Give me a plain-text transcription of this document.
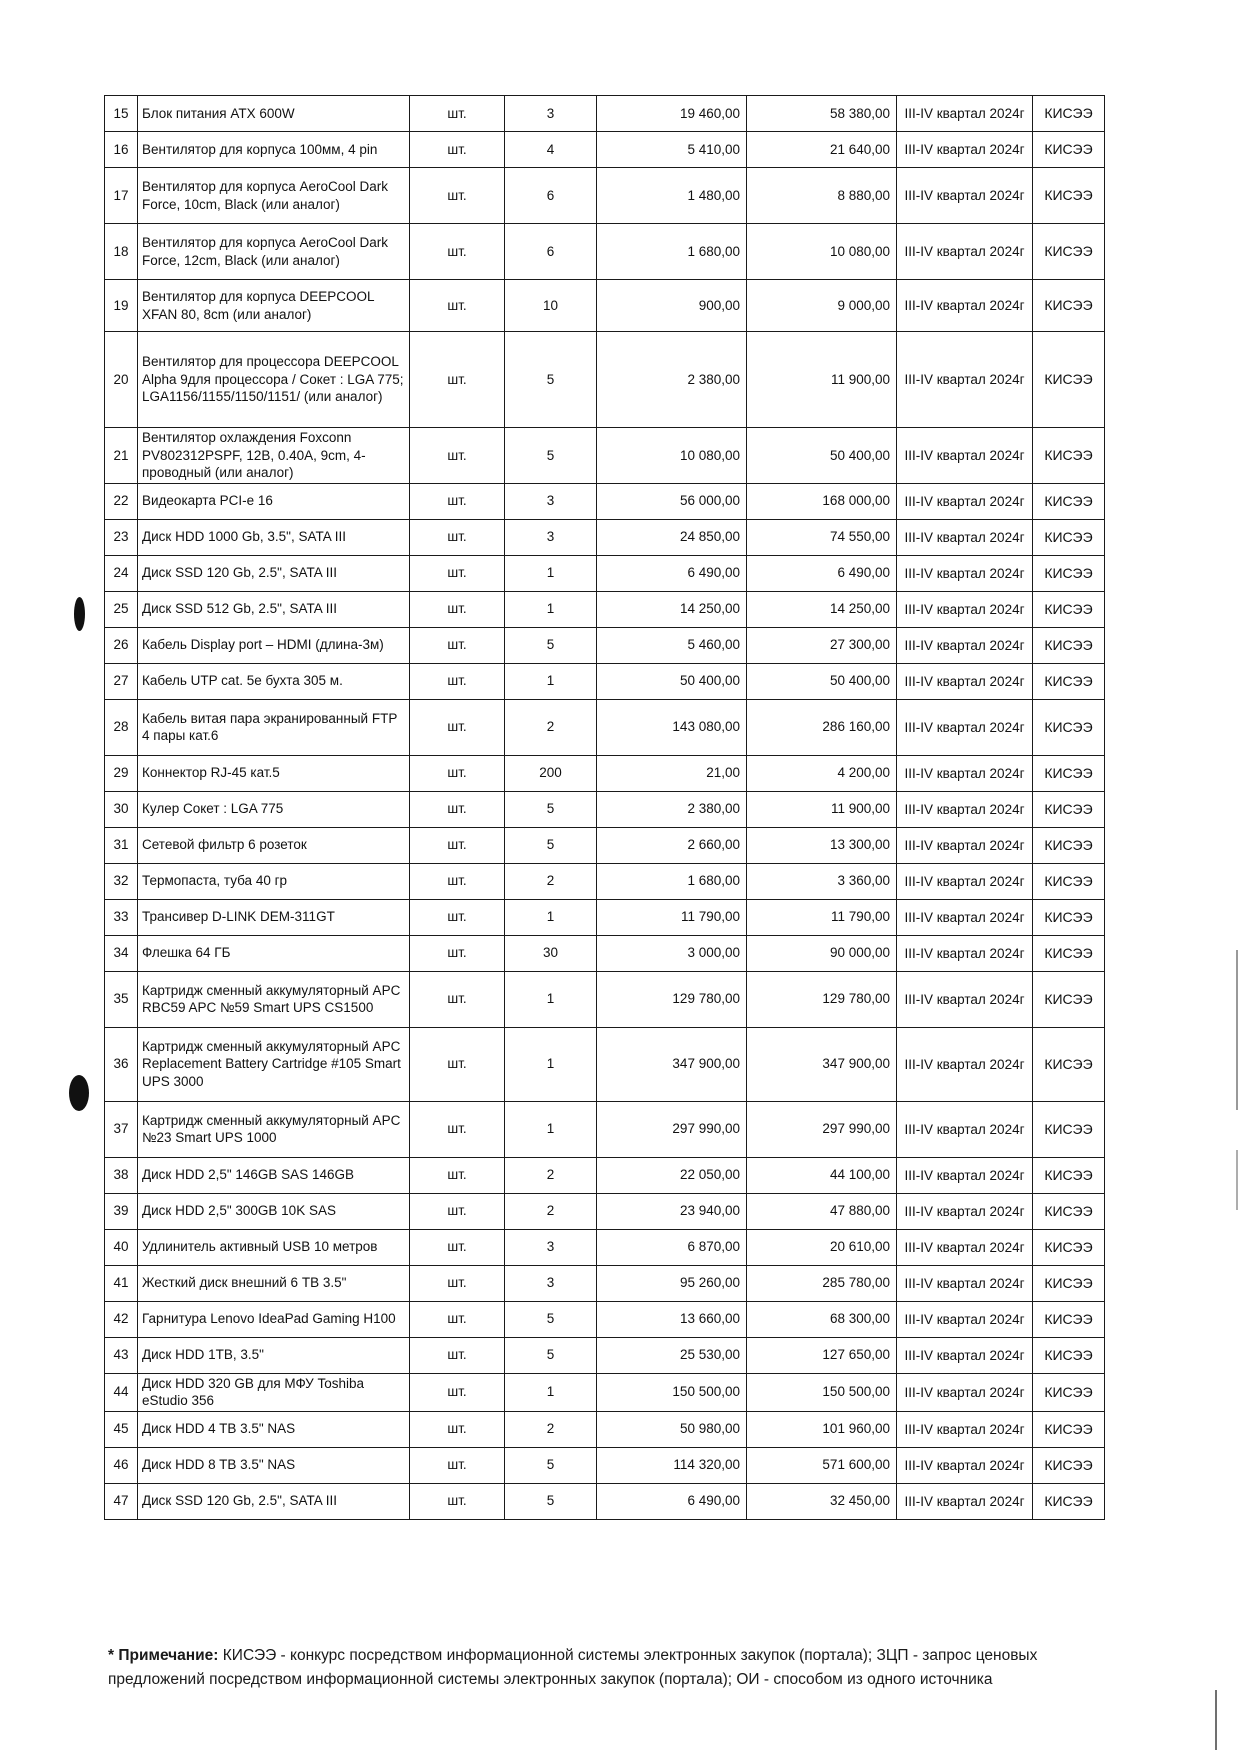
15	Блок питания ATX 600W	шт.	3	19 460,00	58 380,00	III-IV квартал 2024г	КИСЭЭ
16	Вентилятор для корпуса 100мм, 4 pin	шт.	4	5 410,00	21 640,00	III-IV квартал 2024г	КИСЭЭ
17	Вентилятор для корпуса AeroCool Dark Force, 10cm, Black (или аналог)	шт.	6	1 480,00	8 880,00	III-IV квартал 2024г	КИСЭЭ
18	Вентилятор для корпуса AeroCool Dark Force, 12cm, Black (или аналог)	шт.	6	1 680,00	10 080,00	III-IV квартал 2024г	КИСЭЭ
19	Вентилятор для корпуса DEEPCOOL XFAN 80, 8cm (или аналог)	шт.	10	900,00	9 000,00	III-IV квартал 2024г	КИСЭЭ
20	Вентилятор для процессора DEEPCOOL Alpha 9для процессора / Сокет : LGA 775; LGA1156/1155/1150/1151/ (или аналог)	шт.	5	2 380,00	11 900,00	III-IV квартал 2024г	КИСЭЭ
21	Вентилятор охлаждения Foxconn PV802312PSPF, 12В, 0.40А, 9cm, 4-проводный (или аналог)	шт.	5	10 080,00	50 400,00	III-IV квартал 2024г	КИСЭЭ
22	Видеокарта PCI-e 16	шт.	3	56 000,00	168 000,00	III-IV квартал 2024г	КИСЭЭ
23	Диск HDD 1000 Gb, 3.5", SATA III	шт.	3	24 850,00	74 550,00	III-IV квартал 2024г	КИСЭЭ
24	Диск SSD 120 Gb, 2.5", SATA III	шт.	1	6 490,00	6 490,00	III-IV квартал 2024г	КИСЭЭ
25	Диск SSD 512 Gb, 2.5", SATA III	шт.	1	14 250,00	14 250,00	III-IV квартал 2024г	КИСЭЭ
26	Кабель Display port – HDMI (длина-3м)	шт.	5	5 460,00	27 300,00	III-IV квартал 2024г	КИСЭЭ
27	Кабель UTP cat. 5e бухта 305 м.	шт.	1	50 400,00	50 400,00	III-IV квартал 2024г	КИСЭЭ
28	Кабель витая пара экранированный FTP 4 пары кат.6	шт.	2	143 080,00	286 160,00	III-IV квартал 2024г	КИСЭЭ
29	Коннектор RJ-45 кат.5	шт.	200	21,00	4 200,00	III-IV квартал 2024г	КИСЭЭ
30	Кулер Сокет : LGA 775	шт.	5	2 380,00	11 900,00	III-IV квартал 2024г	КИСЭЭ
31	Сетевой фильтр 6 розеток	шт.	5	2 660,00	13 300,00	III-IV квартал 2024г	КИСЭЭ
32	Термопаста, туба 40 гр	шт.	2	1 680,00	3 360,00	III-IV квартал 2024г	КИСЭЭ
33	Трансивер D-LINK DEM-311GT	шт.	1	11 790,00	11 790,00	III-IV квартал 2024г	КИСЭЭ
34	Флешка 64 ГБ	шт.	30	3 000,00	90 000,00	III-IV квартал 2024г	КИСЭЭ
35	Картридж сменный аккумуляторный APC RBC59 APC №59 Smart UPS CS1500	шт.	1	129 780,00	129 780,00	III-IV квартал 2024г	КИСЭЭ
36	Картридж сменный аккумуляторный APC Replacement Battery Cartridge #105 Smart UPS 3000	шт.	1	347 900,00	347 900,00	III-IV квартал 2024г	КИСЭЭ
37	Картридж сменный аккумуляторный APC №23 Smart UPS 1000	шт.	1	297 990,00	297 990,00	III-IV квартал 2024г	КИСЭЭ
38	Диск HDD 2,5" 146GB SAS 146GB	шт.	2	22 050,00	44 100,00	III-IV квартал 2024г	КИСЭЭ
39	Диск HDD 2,5" 300GB 10K SAS	шт.	2	23 940,00	47 880,00	III-IV квартал 2024г	КИСЭЭ
40	Удлинитель активный USB 10 метров	шт.	3	6 870,00	20 610,00	III-IV квартал 2024г	КИСЭЭ
41	Жесткий диск внешний 6 TB 3.5"	шт.	3	95 260,00	285 780,00	III-IV квартал 2024г	КИСЭЭ
42	Гарнитура Lenovo IdeaPad Gaming H100	шт.	5	13 660,00	68 300,00	III-IV квартал 2024г	КИСЭЭ
43	Диск HDD 1TB, 3.5"	шт.	5	25 530,00	127 650,00	III-IV квартал 2024г	КИСЭЭ
44	Диск HDD 320 GB для МФУ Toshiba eStudio 356	шт.	1	150 500,00	150 500,00	III-IV квартал 2024г	КИСЭЭ
45	Диск HDD 4 TB 3.5" NAS	шт.	2	50 980,00	101 960,00	III-IV квартал 2024г	КИСЭЭ
46	Диск HDD 8 TB 3.5" NAS	шт.	5	114 320,00	571 600,00	III-IV квартал 2024г	КИСЭЭ
47	Диск SSD 120 Gb, 2.5", SATA III	шт.	5	6 490,00	32 450,00	III-IV квартал 2024г	КИСЭЭ
* Примечание: КИСЭЭ - конкурс посредством информационной системы электронных закупок (портала); ЗЦП - запрос ценовых предложений посредством информационной системы электронных закупок (портала); ОИ - способом из одного источника
